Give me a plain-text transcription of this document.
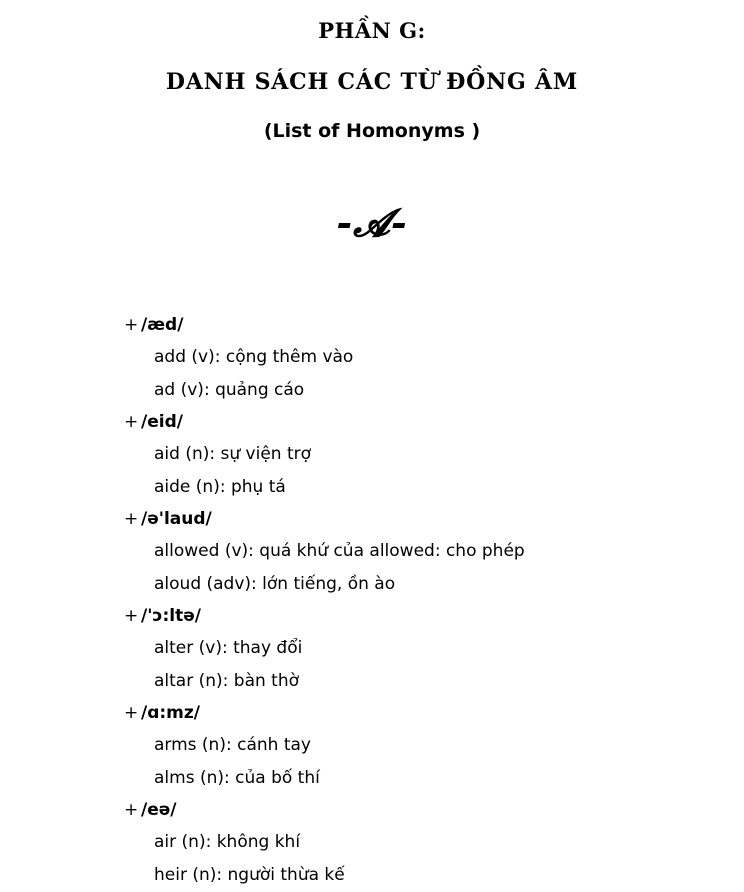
PHẦN G:
DANH SÁCH CÁC TỪ ĐỒNG ÂM
(List of Homonyms )
-𝓐-
+ /æd/
add (v): cộng thêm vào
ad (v): quảng cáo
+ /eid/
aid (n): sự viện trợ
aide (n): phụ tá
+ /ə'laud/
allowed (v): quá khứ của allowed: cho phép
aloud (adv): lớn tiếng, ồn ào
+ /'ɔ:ltə/
alter (v): thay đổi
altar (n): bàn thờ
+ /ɑ:mz/
arms (n): cánh tay
alms (n): của bố thí
+ /eə/
air (n): không khí
heir (n): người thừa kế
